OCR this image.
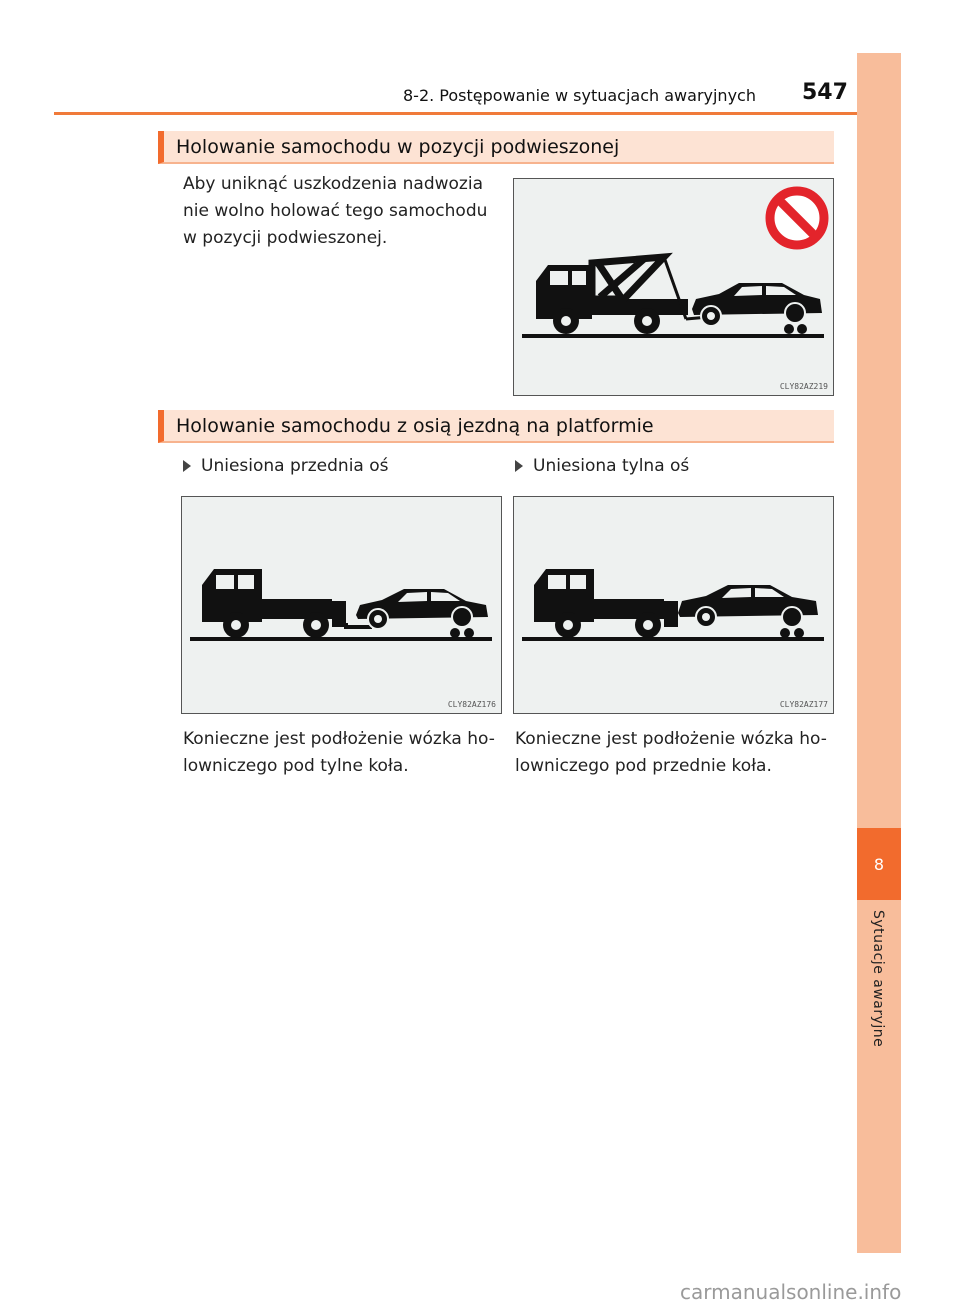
8-2. Postępowanie w sytuacjach awaryjnych 547
8
Sytuacje awaryjne
Holowanie samochodu w pozycji podwieszonej
Aby uniknąć uszkodzenia nadwozia
nie wolno holować tego samochodu
w pozycji podwieszonej.
CLY82AZ219
Holowanie samochodu z osią jezdną na platformie
Uniesiona przednia oś	Uniesiona tylna oś
CLY82AZ176	CLY82AZ177
Konieczne jest podłożenie wózka ho-
lowniczego pod tylne koła.
Konieczne jest podłożenie wózka ho-
lowniczego pod przednie koła.
carmanualsonline.info
